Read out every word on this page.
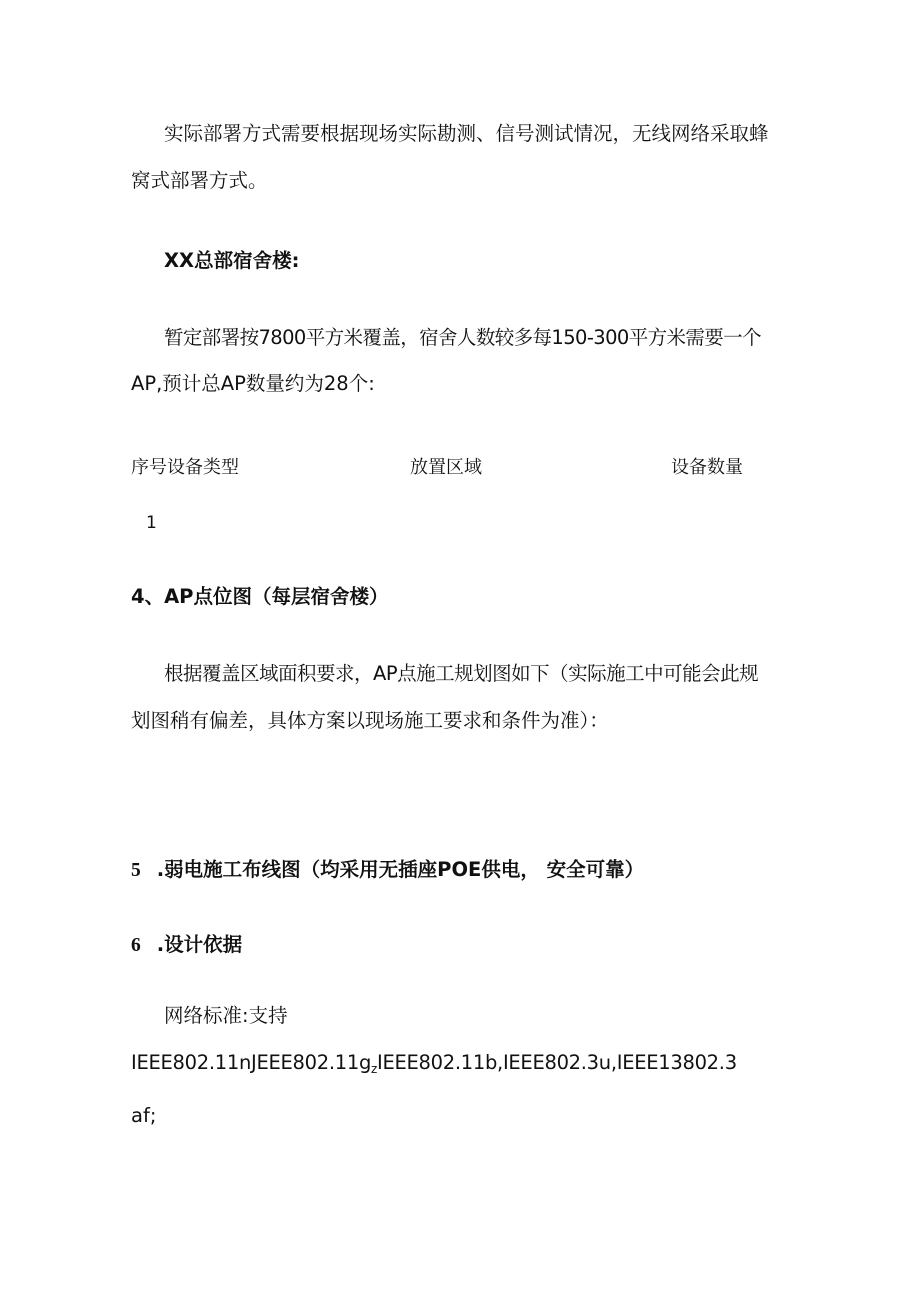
实际部署方式需要根据现场实际勘测、信号测试情况，无线网络采取蜂
窝式部署方式。
XX总部宿舍楼:
暂定部署按7800平方米覆盖，宿舍人数较多每150-300平方米需要一个
AP,预计总AP数量约为28个:
序号设备类型	放置区域	设备数量
1
4、AP点位图（每层宿舍楼）
根据覆盖区域面积要求，AP点施工规划图如下（实际施工中可能会此规
划图稍有偏差，具体方案以现场施工要求和条件为准）：
5 .弱电施工布线图（均采用无插座POE供电， 安全可靠）
6 .设计依据
网络标准:支持
$IEEE802.11nJEEE802.11g_zIEEE802.11b,IEEE802.3u,IEEE13802.3$
af;
